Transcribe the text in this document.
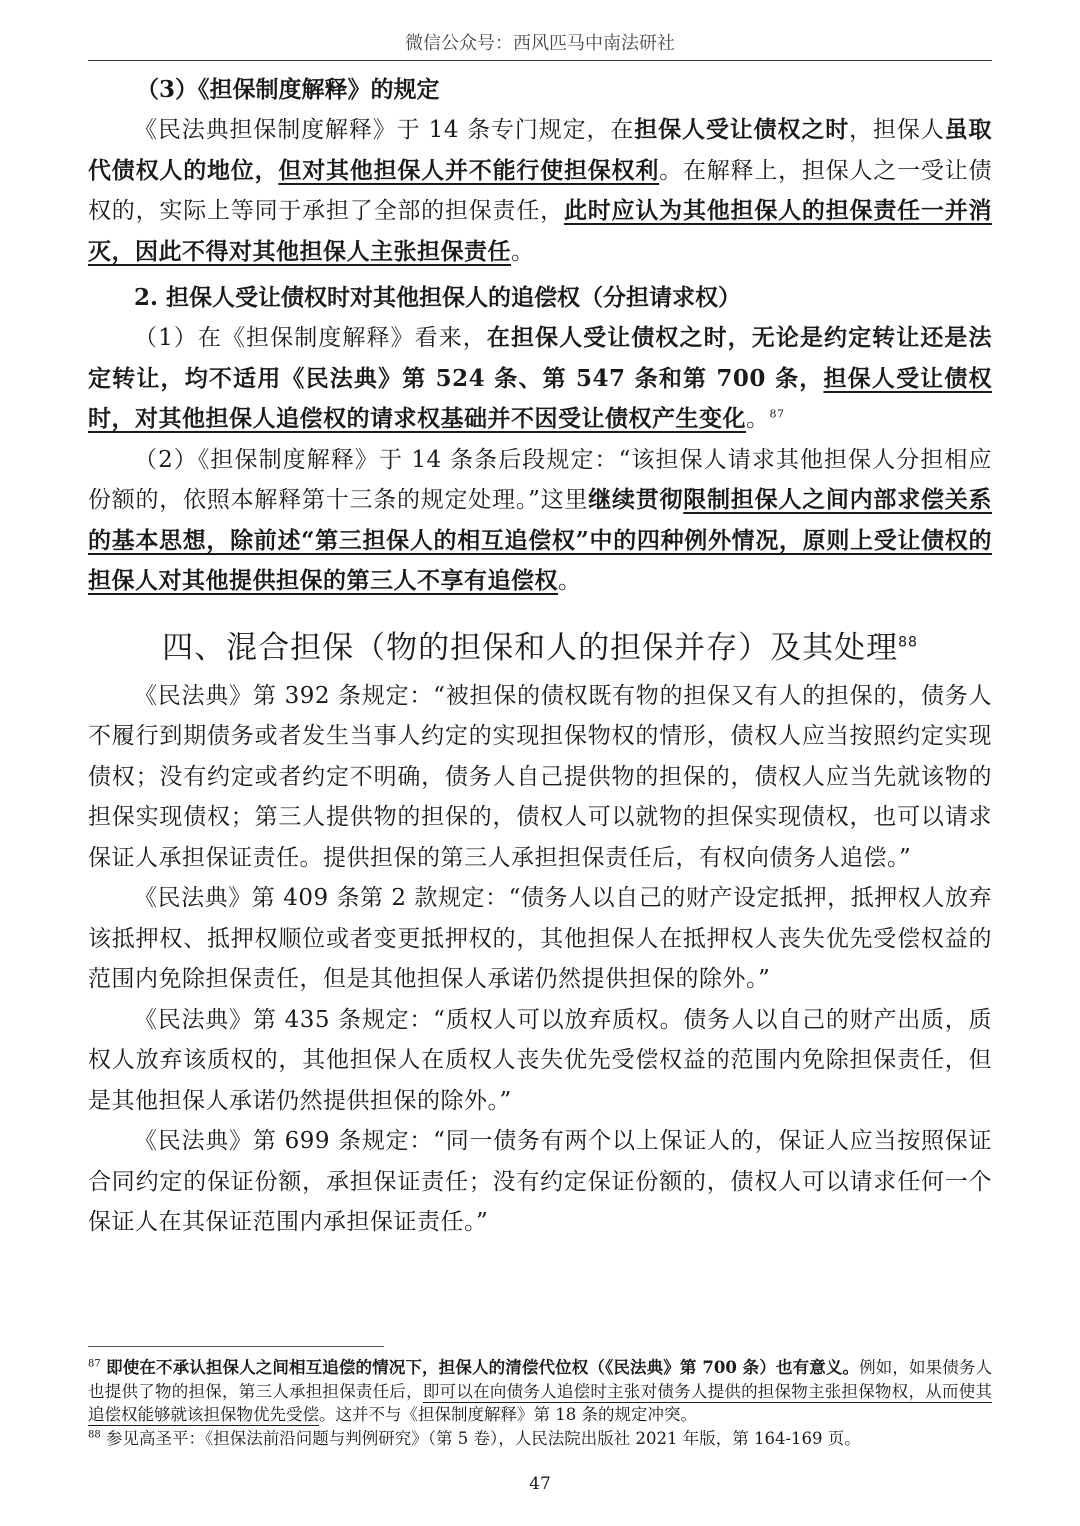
微信公众号：西风匹马中南法研社

（3）《担保制度解释》的规定

《民法典担保制度解释》于 14 条专门规定，在担保人受让债权之时，担保人虽取代债权人的地位，但对其他担保人并不能行使担保权利。在解释上，担保人之一受让债权的，实际上等同于承担了全部的担保责任，此时应认为其他担保人的担保责任一并消灭，因此不得对其他担保人主张担保责任。

2. 担保人受让债权时对其他担保人的追偿权（分担请求权）

（1）在《担保制度解释》看来，在担保人受让债权之时，无论是约定转让还是法定转让，均不适用《民法典》第 524 条、第 547 条和第 700 条，担保人受让债权时，对其他担保人追偿权的请求权基础并不因受让债权产生变化。$^{87}$

（2）《担保制度解释》于 14 条条后段规定：“该担保人请求其他担保人分担相应份额的，依照本解释第十三条的规定处理。”这里继续贯彻限制担保人之间内部求偿关系的基本思想，除前述“第三担保人的相互追偿权”中的四种例外情况，原则上受让债权的担保人对其他提供担保的第三人不享有追偿权。

四、混合担保（物的担保和人的担保并存）及其处理$^{88}$

《民法典》第 392 条规定：“被担保的债权既有物的担保又有人的担保的，债务人不履行到期债务或者发生当事人约定的实现担保物权的情形，债权人应当按照约定实现债权；没有约定或者约定不明确，债务人自己提供物的担保的，债权人应当先就该物的担保实现债权；第三人提供物的担保的，债权人可以就物的担保实现债权，也可以请求保证人承担保证责任。提供担保的第三人承担担保责任后，有权向债务人追偿。”

《民法典》第 409 条第 2 款规定：“债务人以自己的财产设定抵押，抵押权人放弃该抵押权、抵押权顺位或者变更抵押权的，其他担保人在抵押权人丧失优先受偿权益的范围内免除担保责任，但是其他担保人承诺仍然提供担保的除外。”

《民法典》第 435 条规定：“质权人可以放弃质权。债务人以自己的财产出质，质权人放弃该质权的，其他担保人在质权人丧失优先受偿权益的范围内免除担保责任，但是其他担保人承诺仍然提供担保的除外。”

《民法典》第 699 条规定：“同一债务有两个以上保证人的，保证人应当按照保证合同约定的保证份额，承担保证责任；没有约定保证份额的，债权人可以请求任何一个保证人在其保证范围内承担保证责任。”

$^{87}$ 即使在不承认担保人之间相互追偿的情况下，担保人的清偿代位权（《民法典》第 700 条）也有意义。例如，如果债务人也提供了物的担保，第三人承担担保责任后，即可以在向债务人追偿时主张对债务人提供的担保物主张担保物权，从而使其追偿权能够就该担保物优先受偿。这并不与《担保制度解释》第 18 条的规定冲突。

$^{88}$ 参见高圣平：《担保法前沿问题与判例研究》（第 5 卷），人民法院出版社 2021 年版，第 164-169 页。

47
